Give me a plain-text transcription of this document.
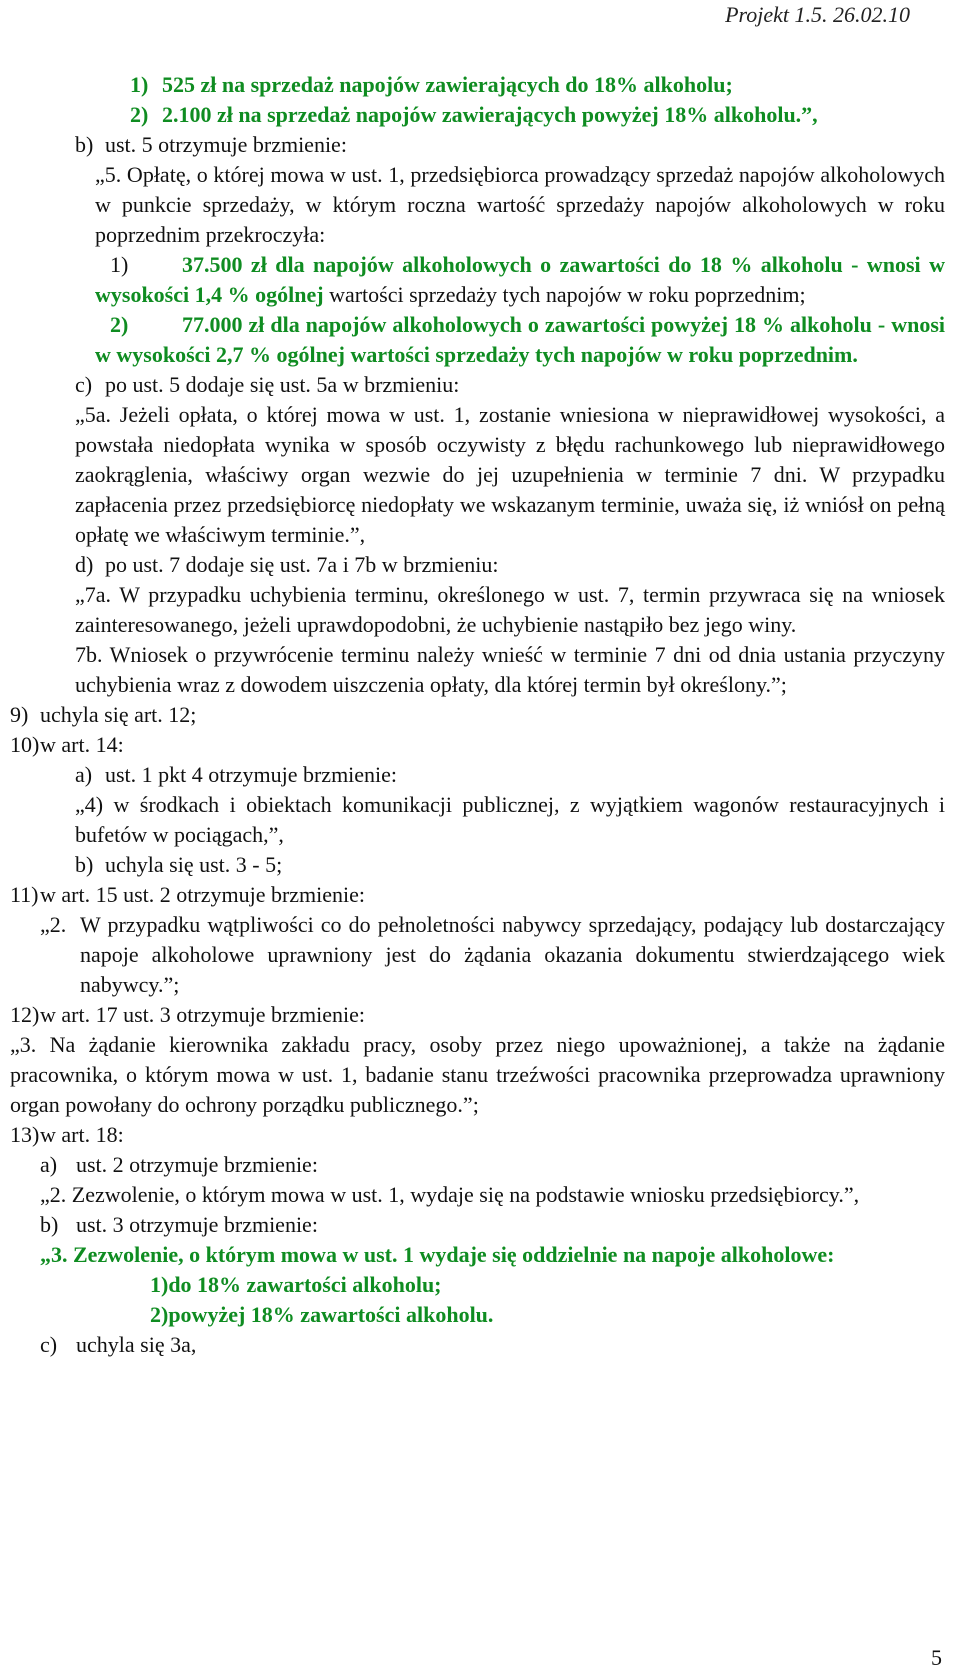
Projekt 1.5. 26.02.10
1) 525 zł na sprzedaż napojów zawierających do 18% alkoholu;
2) 2.100 zł na sprzedaż napojów zawierających powyżej 18% alkoholu.”,
b) ust. 5 otrzymuje brzmienie:
„5. Opłatę, o której mowa w ust. 1, przedsiębiorca prowadzący sprzedaż napojów alkoholowych w punkcie sprzedaży, w którym roczna wartość sprzedaży napojów alkoholowych w roku poprzednim przekroczyła:
1) 37.500 zł dla napojów alkoholowych o zawartości do 18 % alkoholu - wnosi w wysokości 1,4 % ogólnej wartości sprzedaży tych napojów w roku poprzednim;
2) 77.000 zł dla napojów alkoholowych o zawartości powyżej 18 % alkoholu - wnosi w wysokości 2,7 % ogólnej wartości sprzedaży tych napojów w roku poprzednim.
c) po ust. 5 dodaje się ust. 5a w brzmieniu:
„5a. Jeżeli opłata, o której mowa w ust. 1, zostanie wniesiona w nieprawidłowej wysokości, a powstała niedopłata wynika w sposób oczywisty z błędu rachunkowego lub nieprawidłowego zaokrąglenia, właściwy organ wezwie do jej uzupełnienia w terminie 7 dni. W przypadku zapłacenia przez przedsiębiorcę niedopłaty we wskazanym terminie, uważa się, iż wniósł on pełną opłatę we właściwym terminie.”,
d) po ust. 7 dodaje się ust. 7a i 7b w brzmieniu:
„7a. W przypadku uchybienia terminu, określonego w ust. 7, termin przywraca się na wniosek zainteresowanego, jeżeli uprawdopodobni, że uchybienie nastąpiło bez jego winy.
7b. Wniosek o przywrócenie terminu należy wnieść w terminie 7 dni od dnia ustania przyczyny uchybienia wraz z dowodem uiszczenia opłaty, dla której termin był określony.”;
9) uchyla się art. 12;
10) w art. 14:
a) ust. 1 pkt 4 otrzymuje brzmienie:
„4) w środkach i obiektach komunikacji publicznej, z wyjątkiem wagonów restauracyjnych i bufetów w pociągach,”,
b) uchyla się ust. 3 - 5;
11) w art. 15 ust. 2 otrzymuje brzmienie:
„2. W przypadku wątpliwości co do pełnoletności nabywcy sprzedający, podający lub dostarczający napoje alkoholowe uprawniony jest do żądania okazania dokumentu stwierdzającego wiek nabywcy.”;
12) w art. 17 ust. 3 otrzymuje brzmienie:
„3. Na żądanie kierownika zakładu pracy, osoby przez niego upoważnionej, a także na żądanie pracownika, o którym mowa w ust. 1, badanie stanu trzeźwości pracownika przeprowadza uprawniony organ powołany do ochrony porządku publicznego.”;
13) w art. 18:
a) ust. 2 otrzymuje brzmienie:
„2. Zezwolenie, o którym mowa w ust. 1, wydaje się na podstawie wniosku przedsiębiorcy.”,
b) ust. 3 otrzymuje brzmienie:
„3. Zezwolenie, o którym mowa w ust. 1 wydaje się oddzielnie na napoje alkoholowe:
1)do 18% zawartości alkoholu;
2)powyżej 18% zawartości alkoholu.
c) uchyla się 3a,
5
